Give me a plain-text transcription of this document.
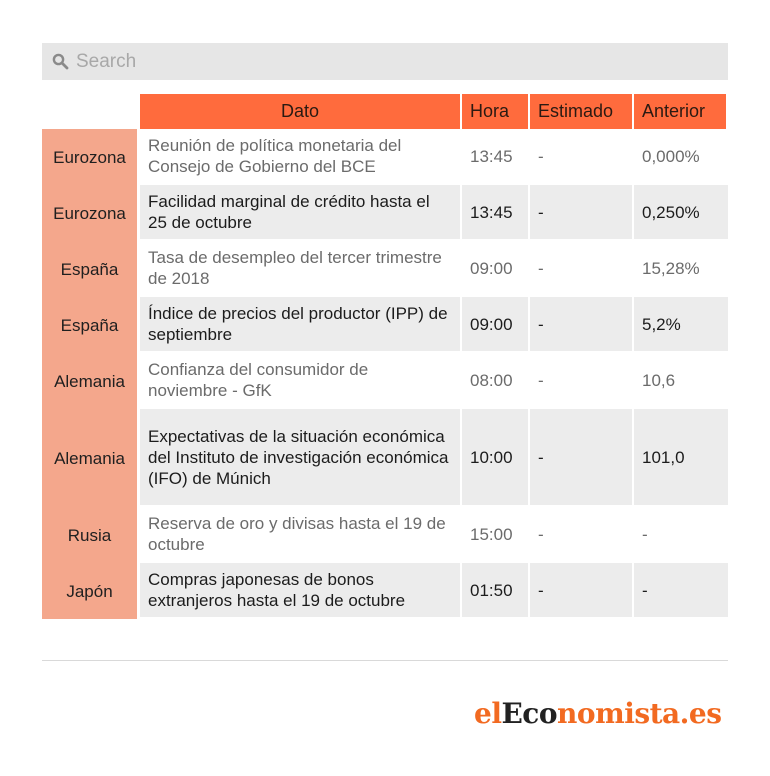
Search
	Dato	Hora	Estimado	Anterior
Eurozona	Reunión de política monetaria del Consejo de Gobierno del BCE	13:45	-	0,000%
Eurozona	Facilidad marginal de crédito hasta el 25 de octubre	13:45	-	0,250%
España	Tasa de desempleo del tercer trimestre de 2018	09:00	-	15,28%
España	Índice de precios del productor (IPP) de septiembre	09:00	-	5,2%
Alemania	Confianza del consumidor de noviembre - GfK	08:00	-	10,6
Alemania	Expectativas de la situación económica del Instituto de investigación económica (IFO) de Múnich	10:00	-	101,0
Rusia	Reserva de oro y divisas hasta el 19 de octubre	15:00	-	-
Japón	Compras japonesas de bonos extranjeros hasta el 19 de octubre	01:50	-	-
elEconomista.es
